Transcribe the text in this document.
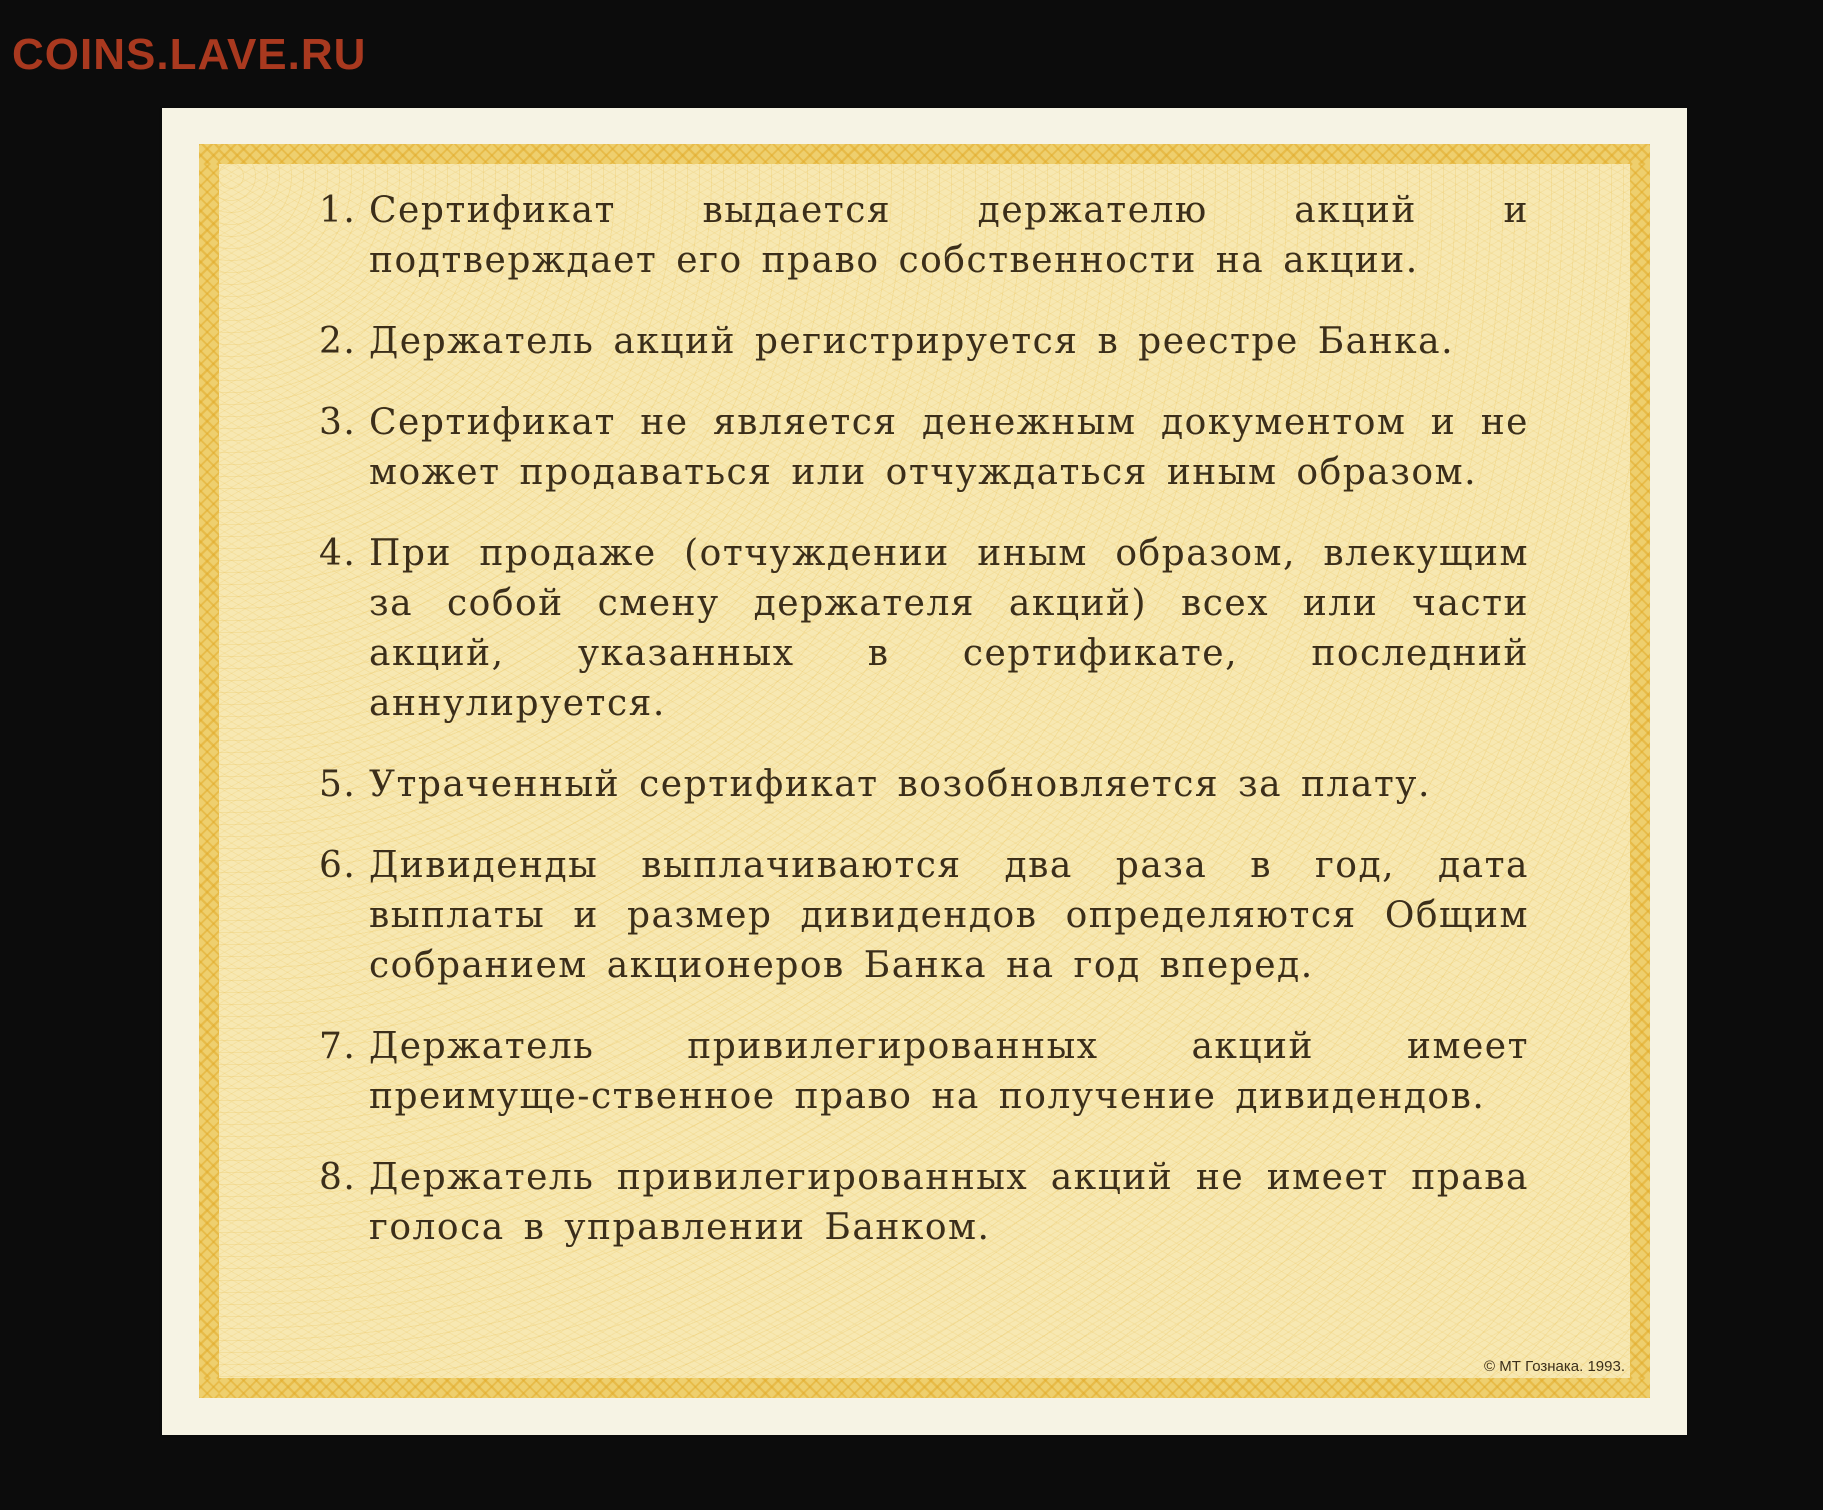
COINS.LAVE.RU
1. Сертификат выдается держателю акций и подтверждает его право собственности на акции.
2. Держатель акций регистрируется в реестре Банка.
3. Сертификат не является денежным документом и не может продаваться или отчуждаться иным образом.
4. При продаже (отчуждении иным образом, влекущим за собой смену держателя акций) всех или части акций, указанных в сертификате, последний аннулируется.
5. Утраченный сертификат возобновляется за плату.
6. Дивиденды выплачиваются два раза в год, дата выплаты и размер дивидендов определяются Общим собранием акционеров Банка на год вперед.
7. Держатель привилегированных акций имеет преимуще-ственное право на получение дивидендов.
8. Держатель привилегированных акций не имеет права голоса в управлении Банком.
© МТ Гознака. 1993.
